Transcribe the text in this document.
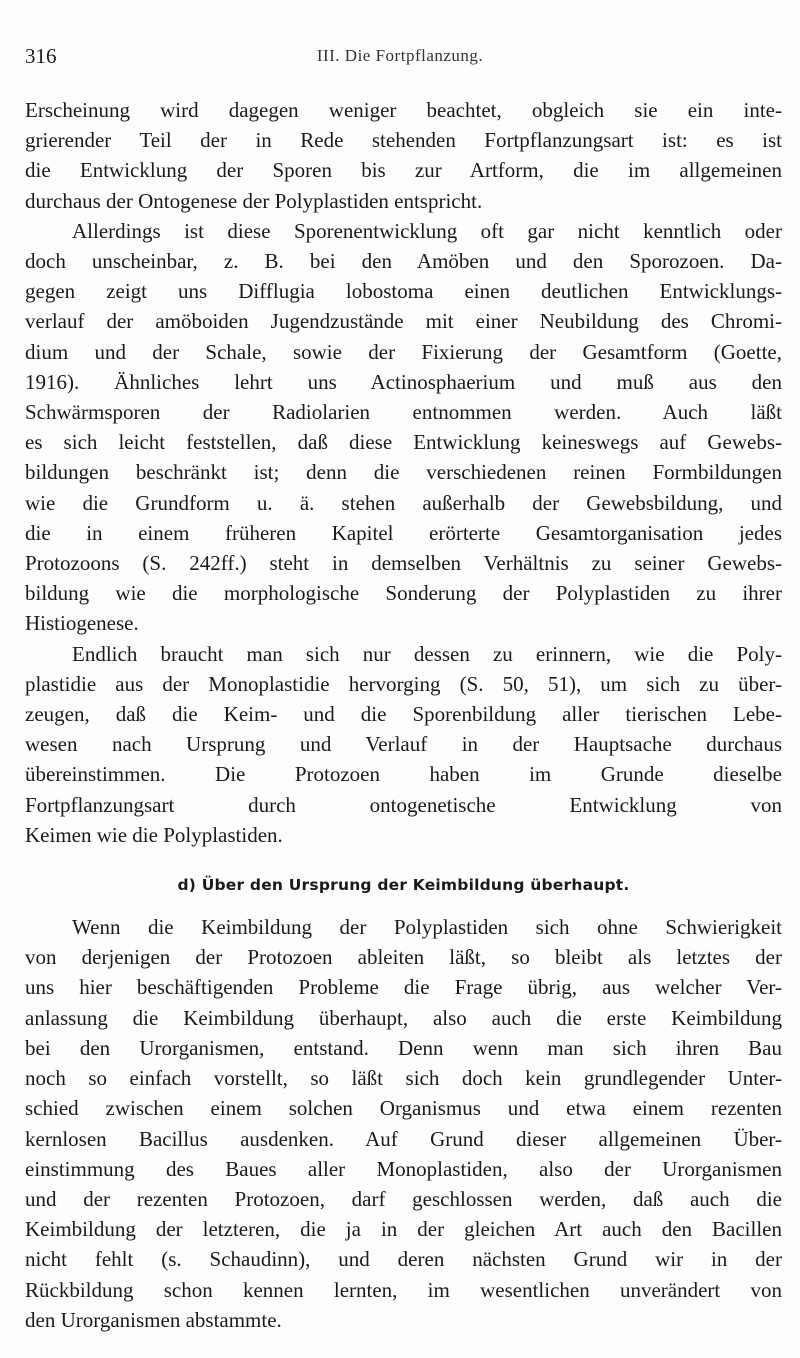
316	III. Die Fortpflanzung.

Erscheinung wird dagegen weniger beachtet, obgleich sie ein inte-
grierender Teil der in Rede stehenden Fortpflanzungsart ist: es ist
die Entwicklung der Sporen bis zur Artform, die im allgemeinen
durchaus der Ontogenese der Polyplastiden entspricht.

Allerdings ist diese Sporenentwicklung oft gar nicht kenntlich oder
doch unscheinbar, z. B. bei den Amöben und den Sporozoen. Da-
gegen zeigt uns Difflugia lobostoma einen deutlichen Entwicklungs-
verlauf der amöboiden Jugendzustände mit einer Neubildung des Chromi-
dium und der Schale, sowie der Fixierung der Gesamtform (Goette,
1916). Ähnliches lehrt uns Actinosphaerium und muß aus den
Schwärmsporen der Radiolarien entnommen werden. Auch läßt
es sich leicht feststellen, daß diese Entwicklung keineswegs auf Gewebs-
bildungen beschränkt ist; denn die verschiedenen reinen Formbildungen
wie die Grundform u. ä. stehen außerhalb der Gewebsbildung, und
die in einem früheren Kapitel erörterte Gesamtorganisation jedes
Protozoons (S. 242ff.) steht in demselben Verhältnis zu seiner Gewebs-
bildung wie die morphologische Sonderung der Polyplastiden zu ihrer
Histiogenese.

Endlich braucht man sich nur dessen zu erinnern, wie die Poly-
plastidie aus der Monoplastidie hervorging (S. 50, 51), um sich zu über-
zeugen, daß die Keim- und die Sporenbildung aller tierischen Lebe-
wesen nach Ursprung und Verlauf in der Hauptsache durchaus
übereinstimmen. Die Protozoen haben im Grunde dieselbe
Fortpflanzungsart durch ontogenetische Entwicklung von
Keimen wie die Polyplastiden.

d) Über den Ursprung der Keimbildung überhaupt.

Wenn die Keimbildung der Polyplastiden sich ohne Schwierigkeit
von derjenigen der Protozoen ableiten läßt, so bleibt als letztes der
uns hier beschäftigenden Probleme die Frage übrig, aus welcher Ver-
anlassung die Keimbildung überhaupt, also auch die erste Keimbildung
bei den Urorganismen, entstand. Denn wenn man sich ihren Bau
noch so einfach vorstellt, so läßt sich doch kein grundlegender Unter-
schied zwischen einem solchen Organismus und etwa einem rezenten
kernlosen Bacillus ausdenken. Auf Grund dieser allgemeinen Über-
einstimmung des Baues aller Monoplastiden, also der Urorganismen
und der rezenten Protozoen, darf geschlossen werden, daß auch die
Keimbildung der letzteren, die ja in der gleichen Art auch den Bacillen
nicht fehlt (s. Schaudinn), und deren nächsten Grund wir in der
Rückbildung schon kennen lernten, im wesentlichen unverändert von
den Urorganismen abstammte.
